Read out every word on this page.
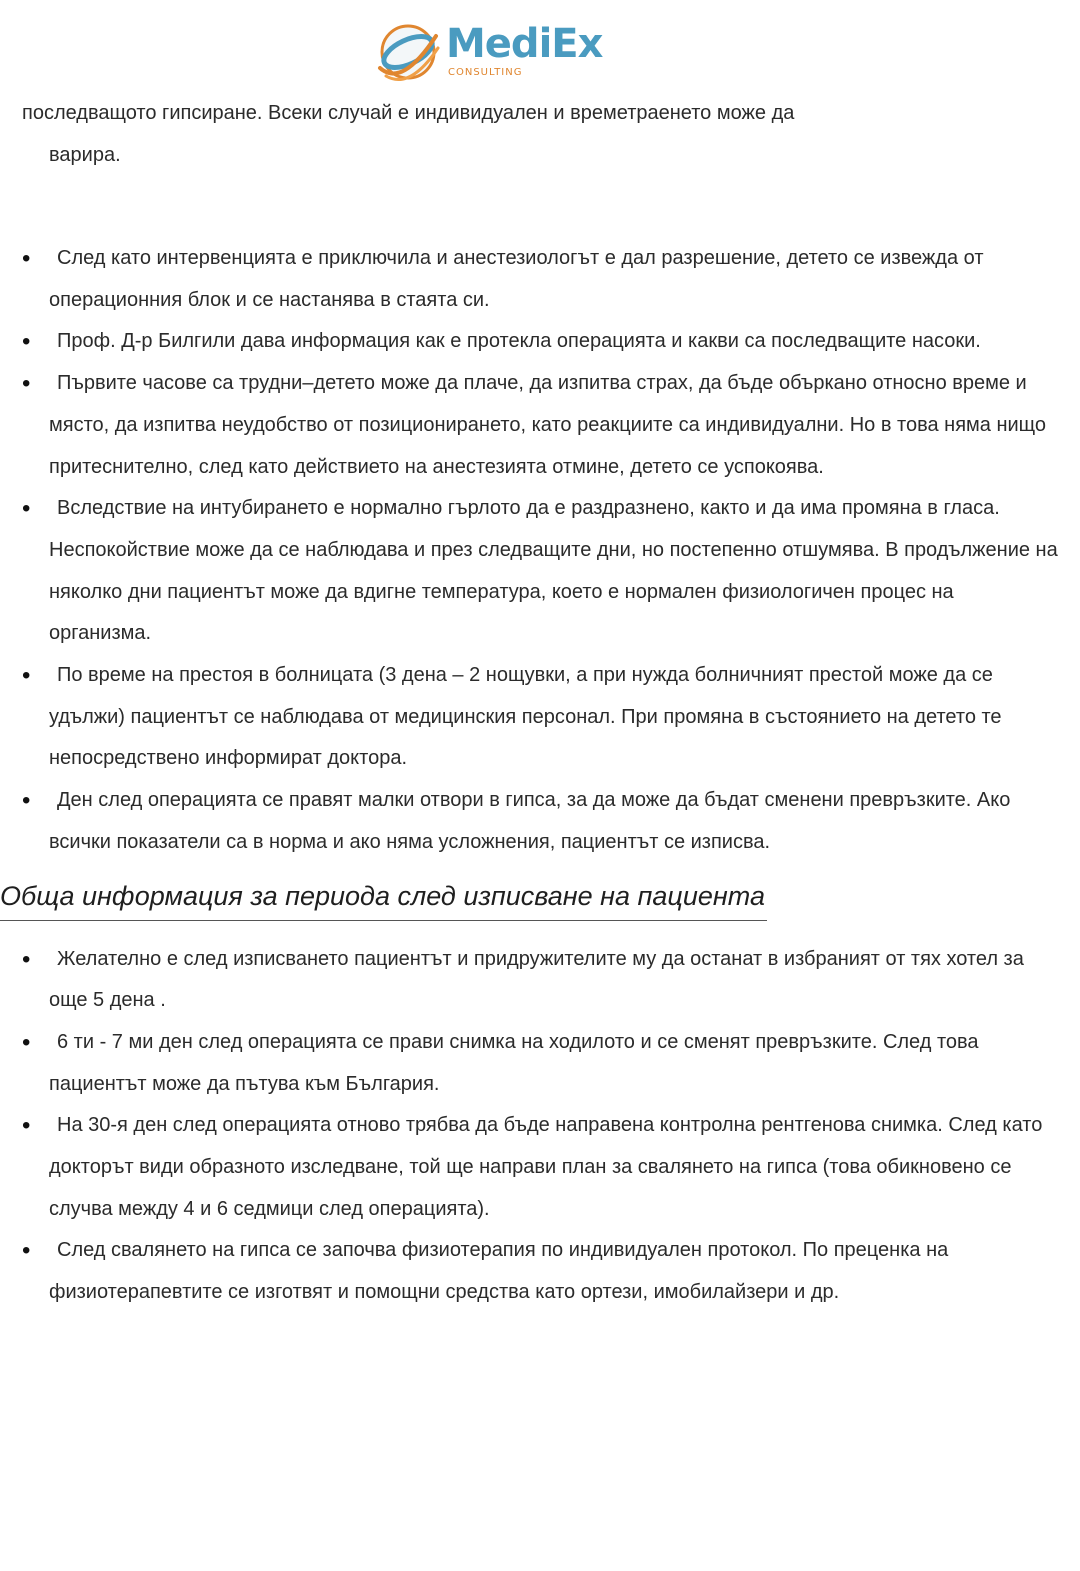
MediEx
CONSULTING
последващото гипсиране. Всеки случай е индивидуален и времетраенето може да
варира.
• След като интервенцията е приключила и анестезиологът е дал разрешение, детето се извежда от операционния блок и се настанява в стаята си.
• Проф. Д-р Билгили дава информация как е протекла операцията и какви са последващите насоки.
• Първите часове са трудни–детето може да плаче, да изпитва страх, да бъде объркано относно време и място, да изпитва неудобство от позиционирането, като реакциите са индивидуални. Но в това няма нищо притеснително, след като действието на анестезията отмине, детето се успокоява.
• Вследствие на интубирането е нормално гърлото да е раздразнено, както и да има промяна в гласа. Неспокойствие може да се наблюдава и през следващите дни, но постепенно отшумява. В продължение на няколко дни пациентът може да вдигне температура, което е нормален физиологичен процес на организма.
• По време на престоя в болницата (3 дена – 2 нощувки, а при нужда болничният престой може да се удължи) пациентът се наблюдава от медицинския персонал. При промяна в състоянието на детето те непосредствено информират доктора.
• Ден след операцията се правят малки отвори в гипса, за да може да бъдат сменени превръзките. Ако всички показатели са в норма и ако няма усложнения, пациентът се изписва.
Обща информация за периода след изписване на пациента
• Желателно е след изписването пациентът и придружителите му да останат в избраният от тях хотел за още 5 дена .
• 6 ти - 7 ми ден след операцията се прави снимка на ходилото и се сменят превръзките. След това пациентът може да пътува към България.
• На 30-я ден след операцията отново трябва да бъде направена контролна рентгенова снимка. След като докторът види образното изследване, той ще направи план за свалянето на гипса (това обикновено се случва между 4 и 6 седмици след операцията).
• След свалянето на гипса се започва физиотерапия по индивидуален протокол. По преценка на физиотерапевтите се изготвят и помощни средства като ортези, имобилайзери и др.
